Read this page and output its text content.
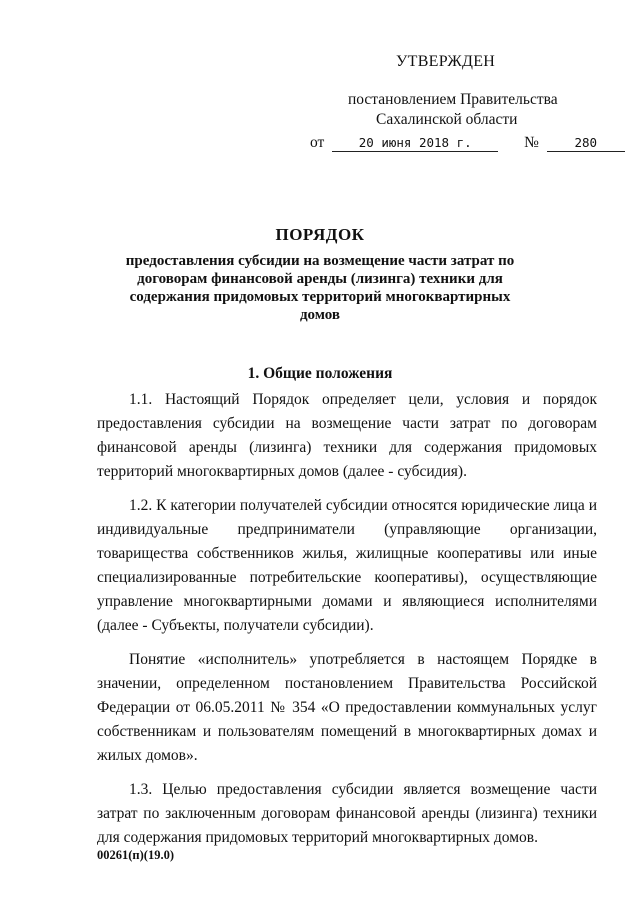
УТВЕРЖДЕН
постановлением Правительства
Сахалинской области
от	20 июня 2018 г.	№	280
ПОРЯДОК
предоставления субсидии на возмещение части затрат по договорам финансовой аренды (лизинга) техники для содержания придомовых территорий многоквартирных домов
1. Общие положения

1.1. Настоящий Порядок определяет цели, условия и порядок предоставления субсидии на возмещение части затрат по договорам финансовой аренды (лизинга) техники для содержания придомовых территорий многоквартирных домов (далее - субсидия).

1.2. К категории получателей субсидии относятся юридические лица и индивидуальные предприниматели (управляющие организации, товарищества собственников жилья, жилищные кооперативы или иные специализированные потребительские кооперативы), осуществляющие управление многоквартирными домами и являющиеся исполнителями (далее - Субъекты, получатели субсидии).

Понятие «исполнитель» употребляется в настоящем Порядке в значении, определенном постановлением Правительства Российской Федерации от 06.05.2011 № 354 «О предоставлении коммунальных услуг собственникам и пользователям помещений в многоквартирных домах и жилых домов».

1.3. Целью предоставления субсидии является возмещение части затрат по заключенным договорам финансовой аренды (лизинга) техники для содержания придомовых территорий многоквартирных домов.

00261(п)(19.0)
